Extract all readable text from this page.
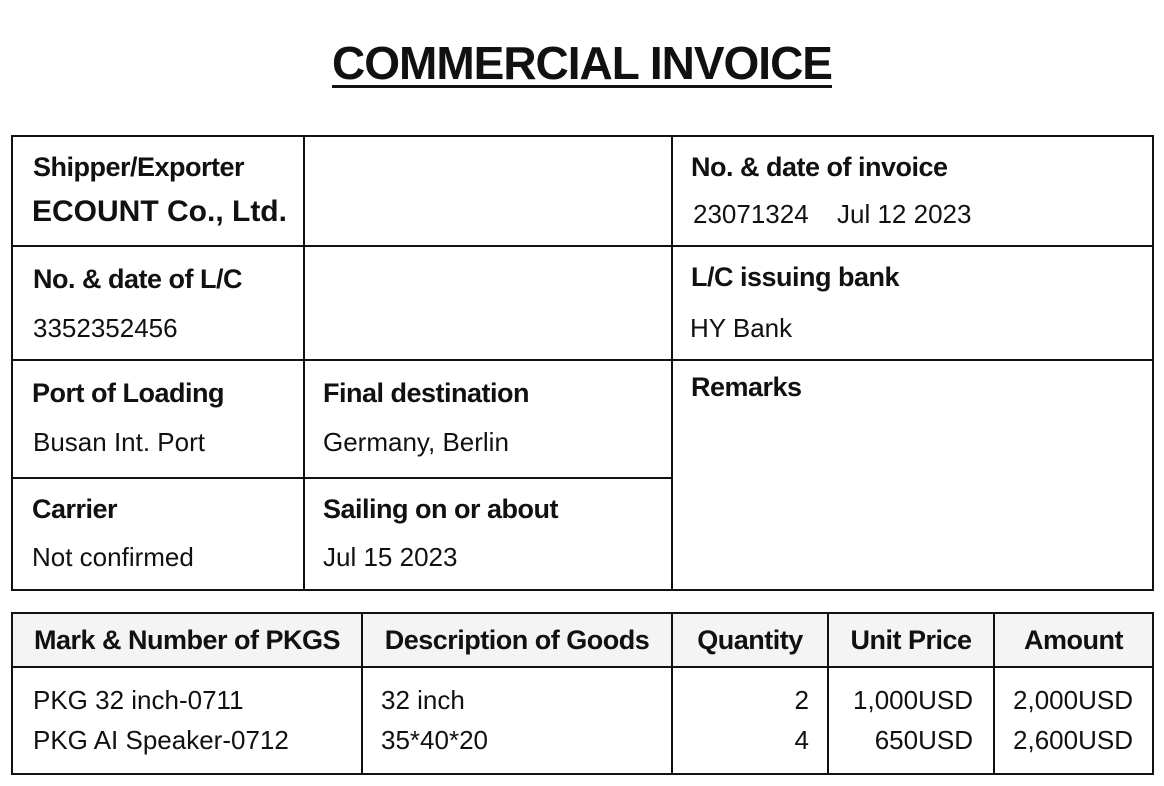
COMMERCIAL INVOICE
Shipper/Exporter
ECOUNT Co., Ltd.
No. & date of invoice
23071324 Jul 12 2023
No. & date of L/C
3352352456
L/C issuing bank
HY Bank
Port of Loading
Busan Int. Port
Final destination
Germany, Berlin
Remarks
Carrier
Not confirmed
Sailing on or about
Jul 15 2023
Mark & Number of PKGS	Description of Goods	Quantity	Unit Price	Amount
PKG 32 inch-0711	32 inch	2	1,000USD	2,000USD
PKG AI Speaker-0712	35*40*20	4	650USD	2,600USD
